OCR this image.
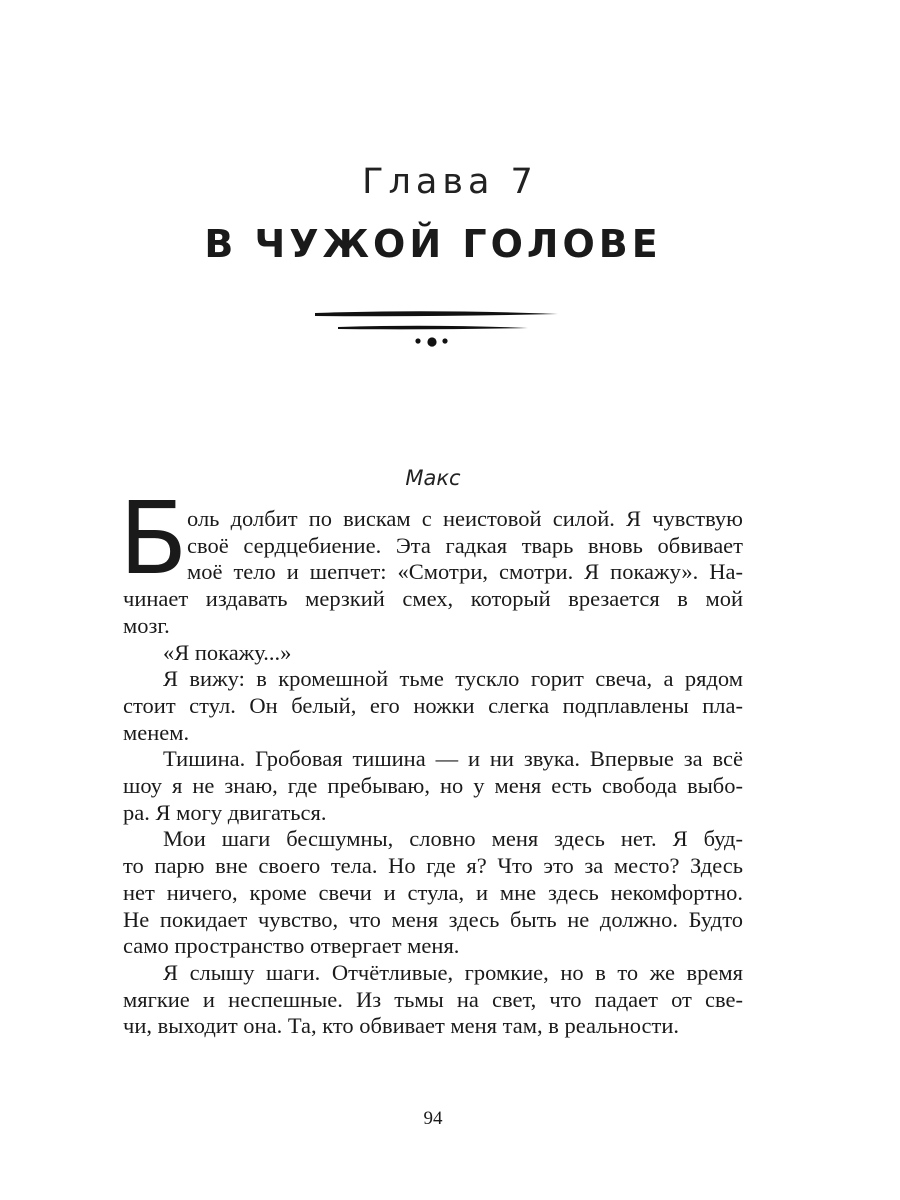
Глава 7
В ЧУЖОЙ ГОЛОВЕ
Макс
Б оль долбит по вискам с неистовой силой. Я чувствую
своё сердцебиение. Эта гадкая тварь вновь обвивает
моё тело и шепчет: «Смотри, смотри. Я покажу». На-
чинает издавать мерзкий смех, который врезается в мой
мозг.
«Я покажу...»
Я вижу: в кромешной тьме тускло горит свеча, а рядом
стоит стул. Он белый, его ножки слегка подплавлены пла-
менем.
Тишина. Гробовая тишина — и ни звука. Впервые за всё
шоу я не знаю, где пребываю, но у меня есть свобода выбо-
ра. Я могу двигаться.
Мои шаги бесшумны, словно меня здесь нет. Я буд-
то парю вне своего тела. Но где я? Что это за место? Здесь
нет ничего, кроме свечи и стула, и мне здесь некомфортно.
Не покидает чувство, что меня здесь быть не должно. Будто
само пространство отвергает меня.
Я слышу шаги. Отчётливые, громкие, но в то же время
мягкие и неспешные. Из тьмы на свет, что падает от све-
чи, выходит она. Та, кто обвивает меня там, в реальности.
94
